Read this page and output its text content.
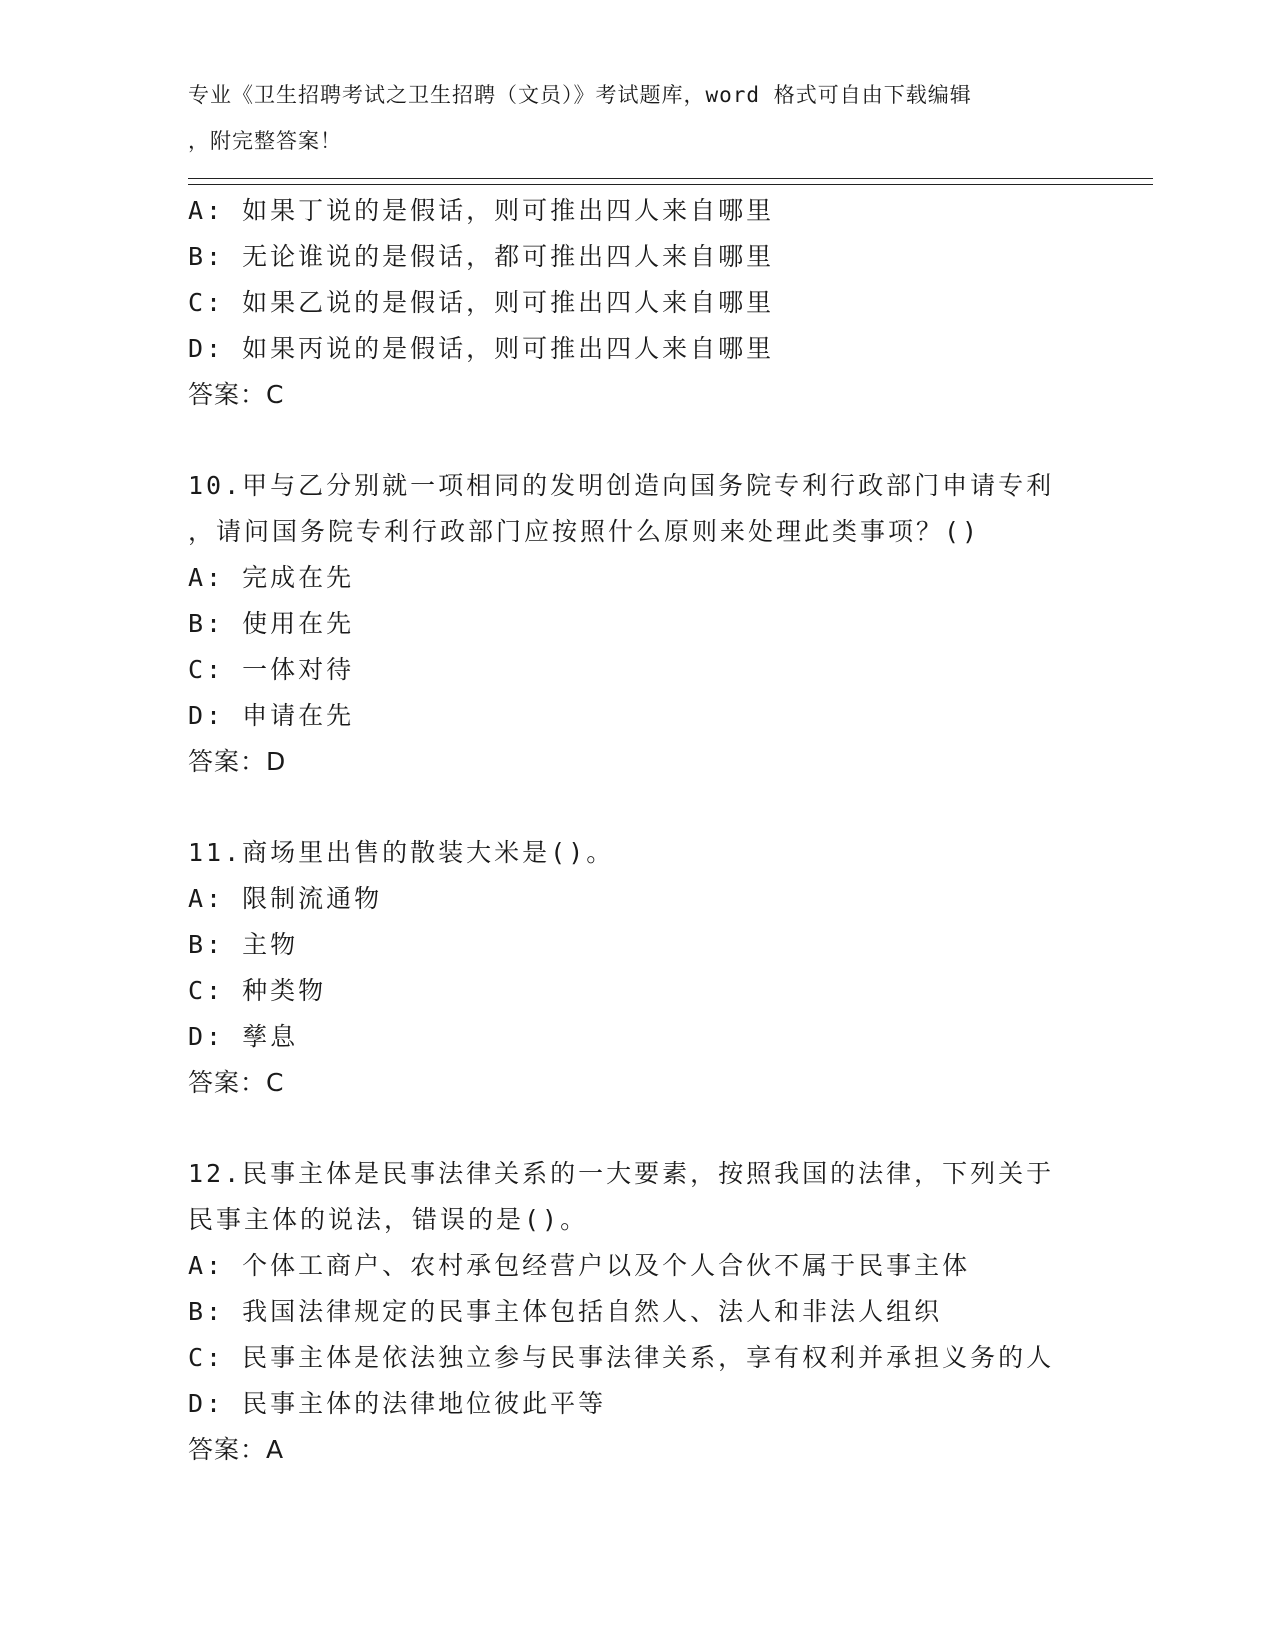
专业《卫生招聘考试之卫生招聘（文员）》考试题库，word 格式可自由下载编辑
，附完整答案！
A: 如果丁说的是假话，则可推出四人来自哪里
B: 无论谁说的是假话，都可推出四人来自哪里
C: 如果乙说的是假话，则可推出四人来自哪里
D: 如果丙说的是假话，则可推出四人来自哪里
答案：C
10.甲与乙分别就一项相同的发明创造向国务院专利行政部门申请专利
，请问国务院专利行政部门应按照什么原则来处理此类事项？()
A: 完成在先
B: 使用在先
C: 一体对待
D: 申请在先
答案：D
11.商场里出售的散装大米是()。
A: 限制流通物
B: 主物
C: 种类物
D: 孳息
答案：C
12.民事主体是民事法律关系的一大要素，按照我国的法律，下列关于
民事主体的说法，错误的是()。
A: 个体工商户、农村承包经营户以及个人合伙不属于民事主体
B: 我国法律规定的民事主体包括自然人、法人和非法人组织
C: 民事主体是依法独立参与民事法律关系，享有权利并承担义务的人
D: 民事主体的法律地位彼此平等
答案：A
